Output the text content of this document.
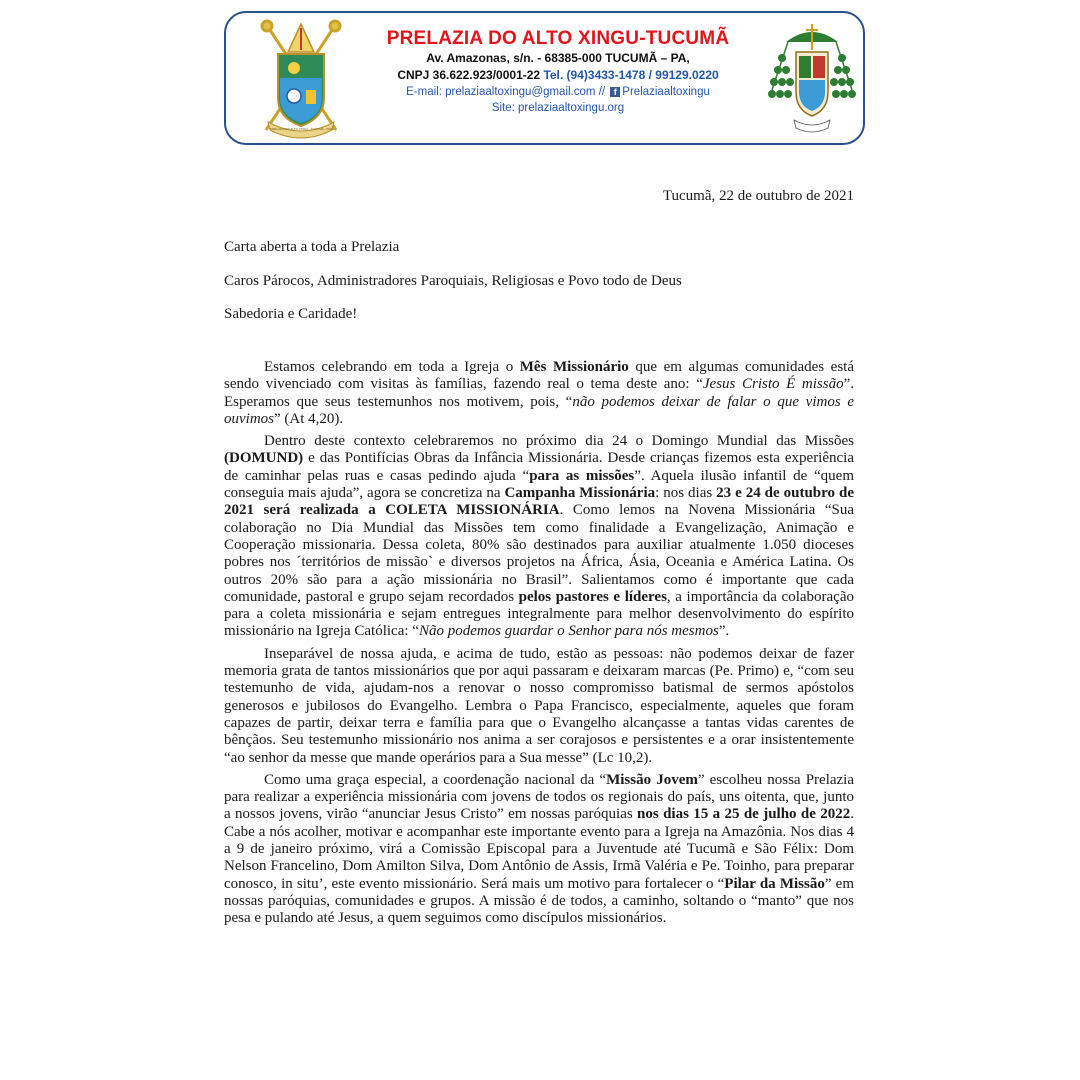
PRELAZIA DO ALTO XINGU · TUCUMÃ - PARÁ
PRELAZIA DO ALTO XINGU-TUCUMÃ
Av. Amazonas, s/n. - 68385-000 TUCUMÃ – PA,
CNPJ 36.622.923/0001-22 Tel. (94)3433-1478 / 99129.0220
E-mail: prelaziaaltoxingu@gmail.com // f Prelaziaaltoxingu
Site: prelaziaaltoxingu.org
Tucumã, 22 de outubro de 2021
Carta aberta a toda a Prelazia
Caros Párocos, Administradores Paroquiais, Religiosas e Povo todo de Deus
Sabedoria e Caridade!

Estamos celebrando em toda a Igreja o Mês Missionário que em algumas comunidades está sendo vivenciado com visitas às famílias, fazendo real o tema deste ano: “Jesus Cristo É missão”. Esperamos que seus testemunhos nos motivem, pois, “não podemos deixar de falar o que vimos e ouvimos” (At 4,20).

Dentro deste contexto celebraremos no próximo dia 24 o Domingo Mundial das Missões (DOMUND) e das Pontifícias Obras da Infância Missionária. Desde crianças fizemos esta experiência de caminhar pelas ruas e casas pedindo ajuda “para as missões”. Aquela ilusão infantil de “quem conseguia mais ajuda”, agora se concretiza na Campanha Missionária: nos dias 23 e 24 de outubro de 2021 será realizada a COLETA MISSIONÁRIA. Como lemos na Novena Missionária “Sua colaboração no Dia Mundial das Missões tem como finalidade a Evangelização, Animação e Cooperação missionaria. Dessa coleta, 80% são destinados para auxiliar atualmente 1.050 dioceses pobres nos ´territórios de missão` e diversos projetos na África, Ásia, Oceania e América Latina. Os outros 20% são para a ação missionária no Brasil”. Salientamos como é importante que cada comunidade, pastoral e grupo sejam recordados pelos pastores e líderes, a importância da colaboração para a coleta missionária e sejam entregues integralmente para melhor desenvolvimento do espírito missionário na Igreja Católica: “Não podemos guardar o Senhor para nós mesmos”.

Inseparável de nossa ajuda, e acima de tudo, estão as pessoas: não podemos deixar de fazer memoria grata de tantos missionários que por aqui passaram e deixaram marcas (Pe. Primo) e, “com seu testemunho de vida, ajudam-nos a renovar o nosso compromisso batismal de sermos apóstolos generosos e jubilosos do Evangelho. Lembra o Papa Francisco, especialmente, aqueles que foram capazes de partir, deixar terra e família para que o Evangelho alcançasse a tantas vidas carentes de bênçãos. Seu testemunho missionário nos anima a ser corajosos e persistentes e a orar insistentemente “ao senhor da messe que mande operários para a Sua messe” (Lc 10,2).

Como uma graça especial, a coordenação nacional da “Missão Jovem” escolheu nossa Prelazia para realizar a experiência missionária com jovens de todos os regionais do país, uns oitenta, que, junto a nossos jovens, virão “anunciar Jesus Cristo” em nossas paróquias nos dias 15 a 25 de julho de 2022. Cabe a nós acolher, motivar e acompanhar este importante evento para a Igreja na Amazônia. Nos dias 4 a 9 de janeiro próximo, virá a Comissão Episcopal para a Juventude até Tucumã e São Félix: Dom Nelson Francelino, Dom Amilton Silva, Dom Antônio de Assis, Irmã Valéria e Pe. Toinho, para preparar conosco, in situ’, este evento missionário. Será mais um motivo para fortalecer o “Pilar da Missão” em nossas paróquias, comunidades e grupos. A missão é de todos, a caminho, soltando o “manto” que nos pesa e pulando até Jesus, a quem seguimos como discípulos missionários.
